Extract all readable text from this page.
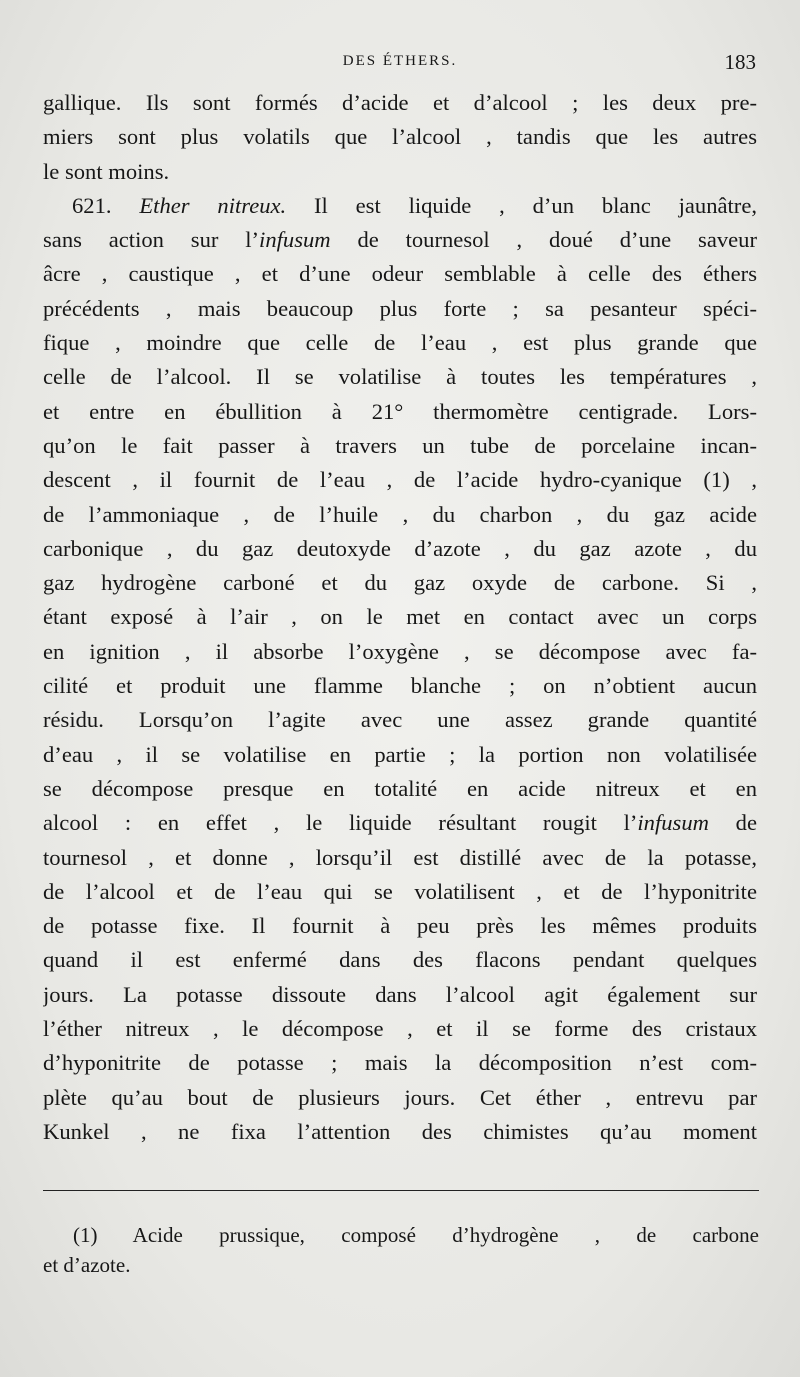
DES ÉTHERS.	183
gallique. Ils sont formés d’acide et d’alcool ; les deux pre-
miers sont plus volatils que l’alcool , tandis que les autres
le sont moins.
621. Ether nitreux. Il est liquide , d’un blanc jaunâtre,
sans action sur l’infusum de tournesol , doué d’une saveur
âcre , caustique , et d’une odeur semblable à celle des éthers
précédents , mais beaucoup plus forte ; sa pesanteur spéci-
fique , moindre que celle de l’eau , est plus grande que
celle de l’alcool. Il se volatilise à toutes les températures ,
et entre en ébullition à 21° thermomètre centigrade. Lors-
qu’on le fait passer à travers un tube de porcelaine incan-
descent , il fournit de l’eau , de l’acide hydro-cyanique (1) ,
de l’ammoniaque , de l’huile , du charbon , du gaz acide
carbonique , du gaz deutoxyde d’azote , du gaz azote , du
gaz hydrogène carboné et du gaz oxyde de carbone. Si ,
étant exposé à l’air , on le met en contact avec un corps
en ignition , il absorbe l’oxygène , se décompose avec fa-
cilité et produit une flamme blanche ; on n’obtient aucun
résidu. Lorsqu’on l’agite avec une assez grande quantité
d’eau , il se volatilise en partie ; la portion non volatilisée
se décompose presque en totalité en acide nitreux et en
alcool : en effet , le liquide résultant rougit l’infusum de
tournesol , et donne , lorsqu’il est distillé avec de la potasse,
de l’alcool et de l’eau qui se volatilisent , et de l’hyponitrite
de potasse fixe. Il fournit à peu près les mêmes produits
quand il est enfermé dans des flacons pendant quelques
jours. La potasse dissoute dans l’alcool agit également sur
l’éther nitreux , le décompose , et il se forme des cristaux
d’hyponitrite de potasse ; mais la décomposition n’est com-
plète qu’au bout de plusieurs jours. Cet éther , entrevu par
Kunkel , ne fixa l’attention des chimistes qu’au moment
(1) Acide prussique, composé d’hydrogène , de carbone
et d’azote.
